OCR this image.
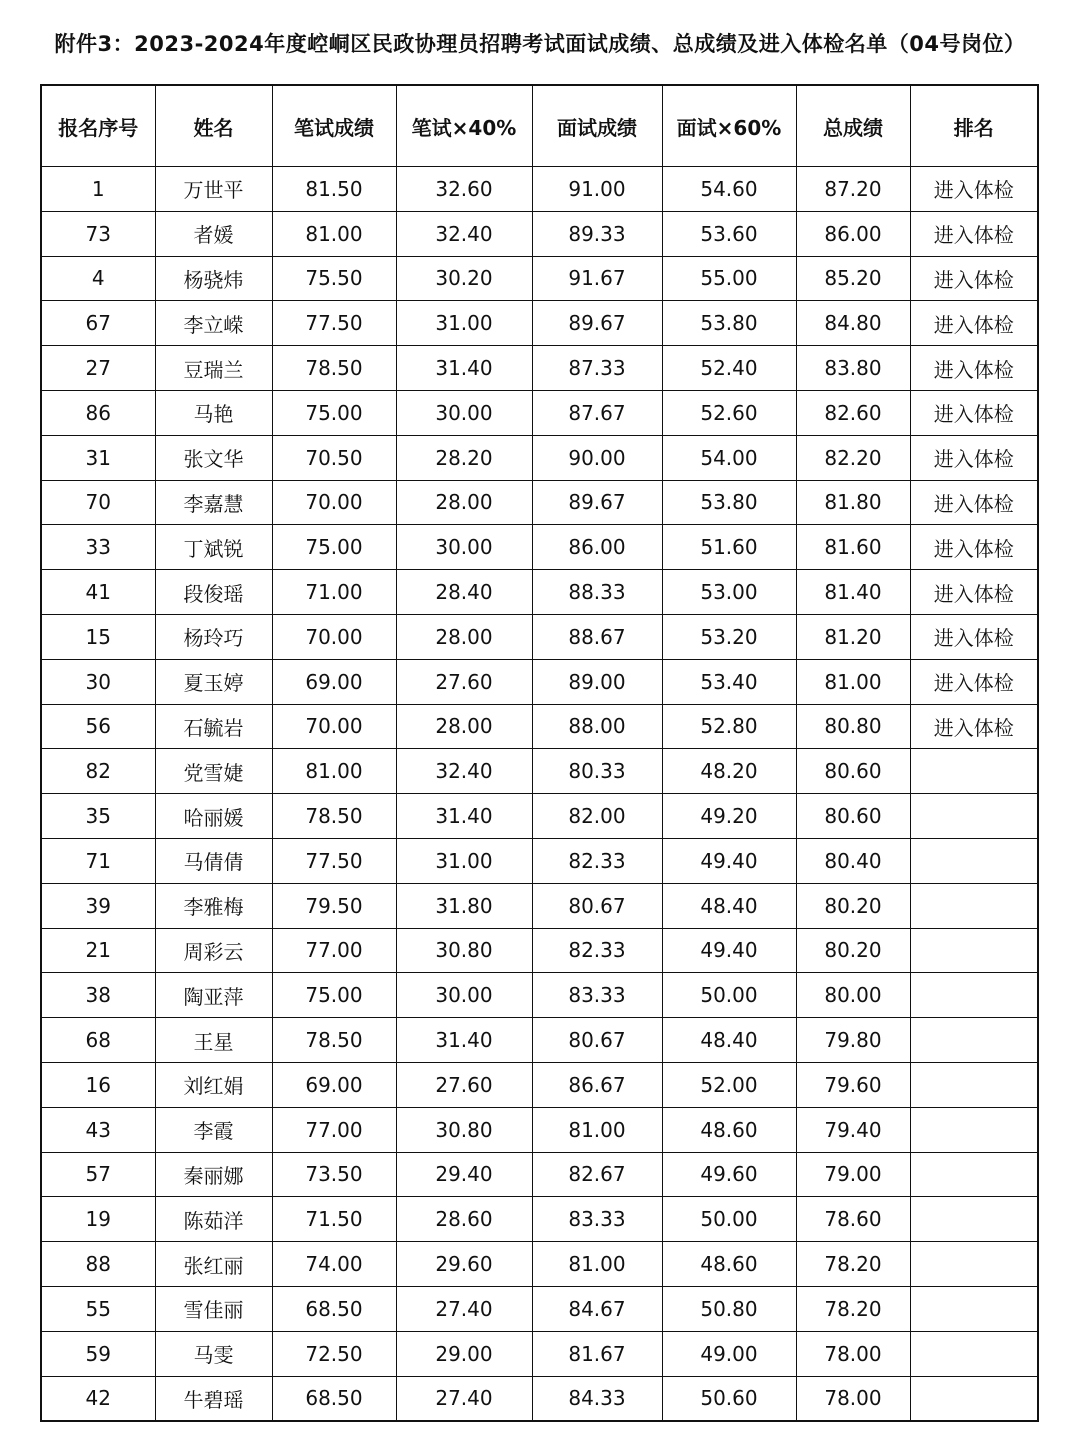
附件3：2023-2024年度崆峒区民政协理员招聘考试面试成绩、总成绩及进入体检名单（04号岗位）
报名序号	姓名	笔试成绩	笔试×40%	面试成绩	面试×60%	总成绩	排名
1	万世平	81.50	32.60	91.00	54.60	87.20	进入体检
73	者媛	81.00	32.40	89.33	53.60	86.00	进入体检
4	杨骁炜	75.50	30.20	91.67	55.00	85.20	进入体检
67	李立嵘	77.50	31.00	89.67	53.80	84.80	进入体检
27	豆瑞兰	78.50	31.40	87.33	52.40	83.80	进入体检
86	马艳	75.00	30.00	87.67	52.60	82.60	进入体检
31	张文华	70.50	28.20	90.00	54.00	82.20	进入体检
70	李嘉慧	70.00	28.00	89.67	53.80	81.80	进入体检
33	丁斌锐	75.00	30.00	86.00	51.60	81.60	进入体检
41	段俊瑶	71.00	28.40	88.33	53.00	81.40	进入体检
15	杨玲巧	70.00	28.00	88.67	53.20	81.20	进入体检
30	夏玉婷	69.00	27.60	89.00	53.40	81.00	进入体检
56	石毓岩	70.00	28.00	88.00	52.80	80.80	进入体检
82	党雪婕	81.00	32.40	80.33	48.20	80.60	
35	哈丽媛	78.50	31.40	82.00	49.20	80.60	
71	马倩倩	77.50	31.00	82.33	49.40	80.40	
39	李雅梅	79.50	31.80	80.67	48.40	80.20	
21	周彩云	77.00	30.80	82.33	49.40	80.20	
38	陶亚萍	75.00	30.00	83.33	50.00	80.00	
68	王星	78.50	31.40	80.67	48.40	79.80	
16	刘红娟	69.00	27.60	86.67	52.00	79.60	
43	李霞	77.00	30.80	81.00	48.60	79.40	
57	秦丽娜	73.50	29.40	82.67	49.60	79.00	
19	陈茹洋	71.50	28.60	83.33	50.00	78.60	
88	张红丽	74.00	29.60	81.00	48.60	78.20	
55	雪佳丽	68.50	27.40	84.67	50.80	78.20	
59	马雯	72.50	29.00	81.67	49.00	78.00	
42	牛碧瑶	68.50	27.40	84.33	50.60	78.00	
